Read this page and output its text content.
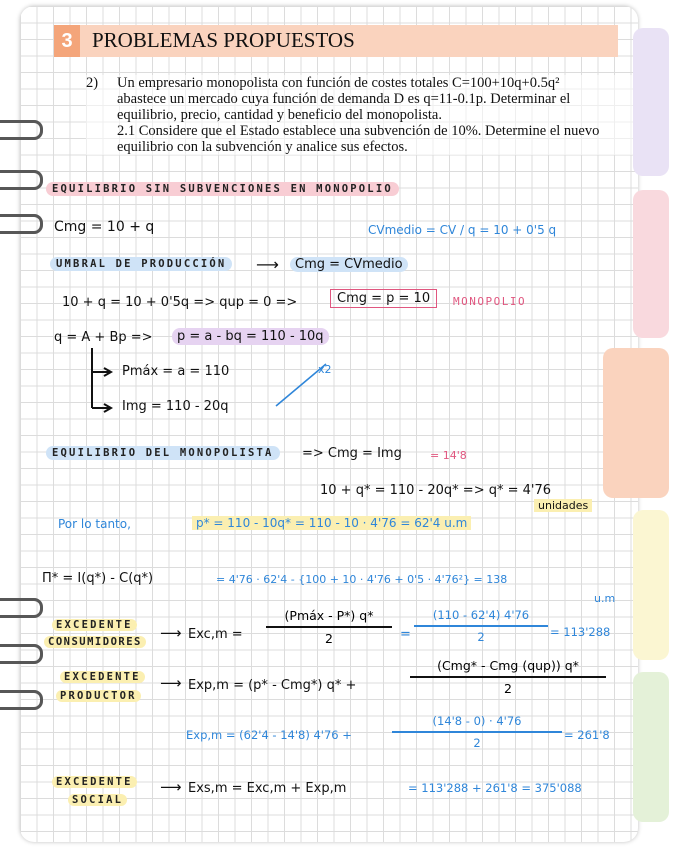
3 PROBLEMAS PROPUESTOS
2) Un empresario monopolista con función de costes totales C=100+10q+0.5q²

abastece un mercado cuya función de demanda D es q=11-0.1p. Determinar el

equilibrio, precio, cantidad y beneficio del monopolista.

2.1 Considere que el Estado establece una subvención de 10%. Determine el nuevo

equilibrio con la subvención y analice sus efectos.

EQUILIBRIO SIN SUBVENCIONES EN MONOPOLIO
Cmg = 10 + q	CVmedio = CV / q = 10 + 0'5 q
UMBRAL DE PRODUCCIÓN	⟶	Cmg = CVmedio
10 + q = 10 + 0'5q => qup = 0 =>	Cmg = p = 10	MONOPOLIO
q = A + Bp =>	p = a - bq = 110 - 10q
Pmáx = a = 110
Img = 110 - 20q
x2
EQUILIBRIO DEL MONOPOLISTA	=> Cmg = Img	= 14'8
10 + q* = 110 - 20q* => q* = 4'76
unidades
Por lo tanto,	p* = 110 - 10q* = 110 - 10 · 4'76 = 62'4 u.m
Π* = I(q*) - C(q*)	= 4'76 · 62'4 - {100 + 10 · 4'76 + 0'5 · 4'76²} = 138
u.m
EXCEDENTE
CONSUMIDORES ⟶ Exc,m =
(Pmáx - P*) q*
2	=
(110 - 62'4) 4'76
2	= 113'288
EXCEDENTE
PRODUCTOR
⟶ Exp,m = (p* - Cmg*) q* +
(Cmg* - Cmg (qup)) q*
2
Exp,m = (62'4 - 14'8) 4'76 +
(14'8 - 0) · 4'76
2
= 261'8
EXCEDENTE
SOCIAL
⟶ Exs,m = Exc,m + Exp,m	= 113'288 + 261'8 = 375'088
